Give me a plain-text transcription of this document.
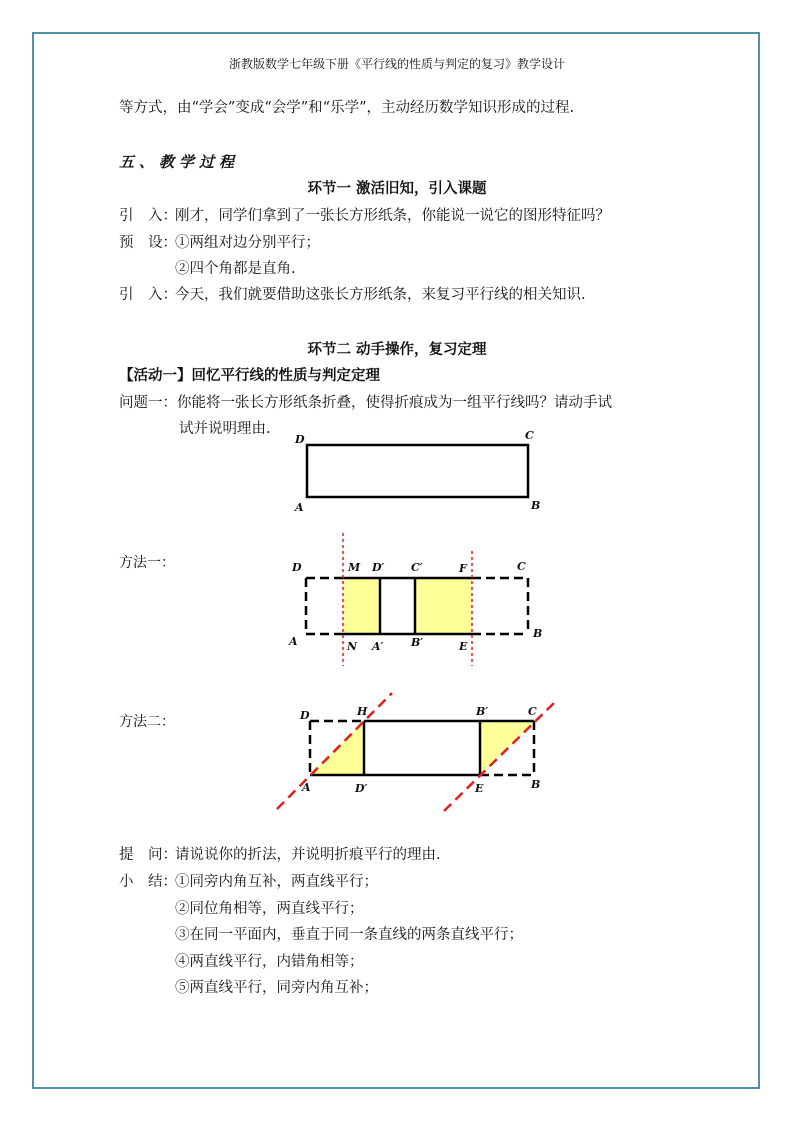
浙教版数学七年级下册《平行线的性质与判定的复习》教学设计
等方式，由“学会”变成“会学”和“乐学”，主动经历数学知识形成的过程.
五、教学过程
环节一 激活旧知，引入课题
引　入：刚才，同学们拿到了一张长方形纸条，你能说一说它的图形特征吗？
预　设：①两组对边分别平行；
②四个角都是直角.
引　入：今天，我们就要借助这张长方形纸条，来复习平行线的相关知识.
环节二 动手操作，复习定理
【活动一】回忆平行线的性质与判定定理
问题一：你能将一张长方形纸条折叠，使得折痕成为一组平行线吗？请动手试
试并说明理由.
D	C
A	B
方法一：	D	M D′ C′	F	C
A	N A′	B′	E
B
方法二：	D	H	B′	C
A	D′	E	B
提　问：请说说你的折法，并说明折痕平行的理由.
小　结：①同旁内角互补，两直线平行；
②同位角相等，两直线平行；
③在同一平面内，垂直于同一条直线的两条直线平行；
④两直线平行，内错角相等；
⑤两直线平行，同旁内角互补；
